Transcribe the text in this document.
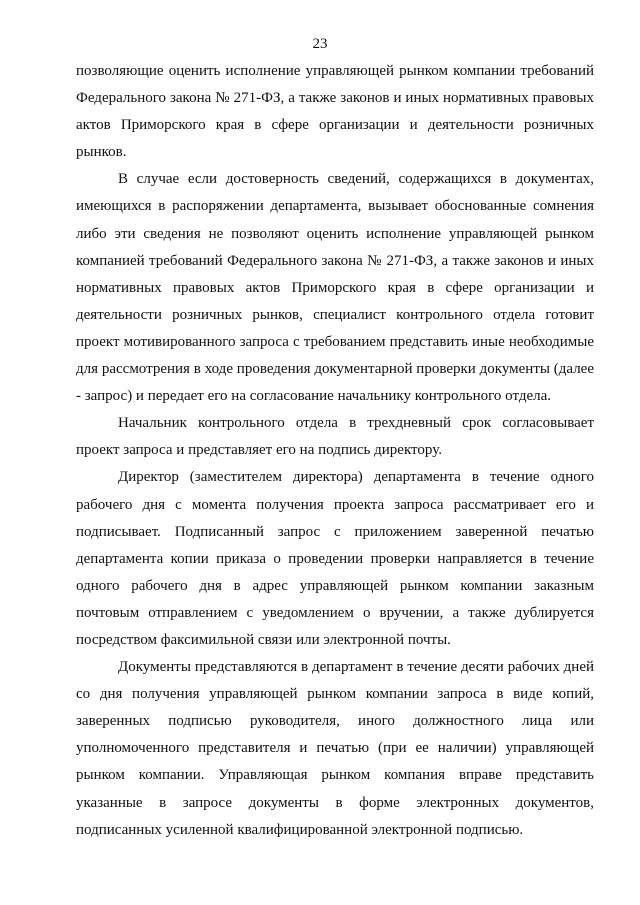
23

позволяющие оценить исполнение управляющей рынком компании требований Федерального закона № 271-ФЗ, а также законов и иных нормативных правовых актов Приморского края в сфере организации и деятельности розничных рынков.

В случае если достоверность сведений, содержащихся в документах, имеющихся в распоряжении департамента, вызывает обоснованные сомнения либо эти сведения не позволяют оценить исполнение управляющей рынком компанией требований Федерального закона № 271-ФЗ, а также законов и иных нормативных правовых актов Приморского края в сфере организации и деятельности розничных рынков, специалист контрольного отдела готовит проект мотивированного запроса с требованием представить иные необходимые для рассмотрения в ходе проведения документарной проверки документы (далее - запрос) и передает его на согласование начальнику контрольного отдела.

Начальник контрольного отдела в трехдневный срок согласовывает проект запроса и представляет его на подпись директору.

Директор (заместителем директора) департамента в течение одного рабочего дня с момента получения проекта запроса рассматривает его и подписывает. Подписанный запрос с приложением заверенной печатью департамента копии приказа о проведении проверки направляется в течение одного рабочего дня в адрес управляющей рынком компании заказным почтовым отправлением с уведомлением о вручении, а также дублируется посредством факсимильной связи или электронной почты.

Документы представляются в департамент в течение десяти рабочих дней со дня получения управляющей рынком компании запроса в виде копий, заверенных подписью руководителя, иного должностного лица или уполномоченного представителя и печатью (при ее наличии) управляющей рынком компании. Управляющая рынком компания вправе представить указанные в запросе документы в форме электронных документов, подписанных усиленной квалифицированной электронной подписью.
